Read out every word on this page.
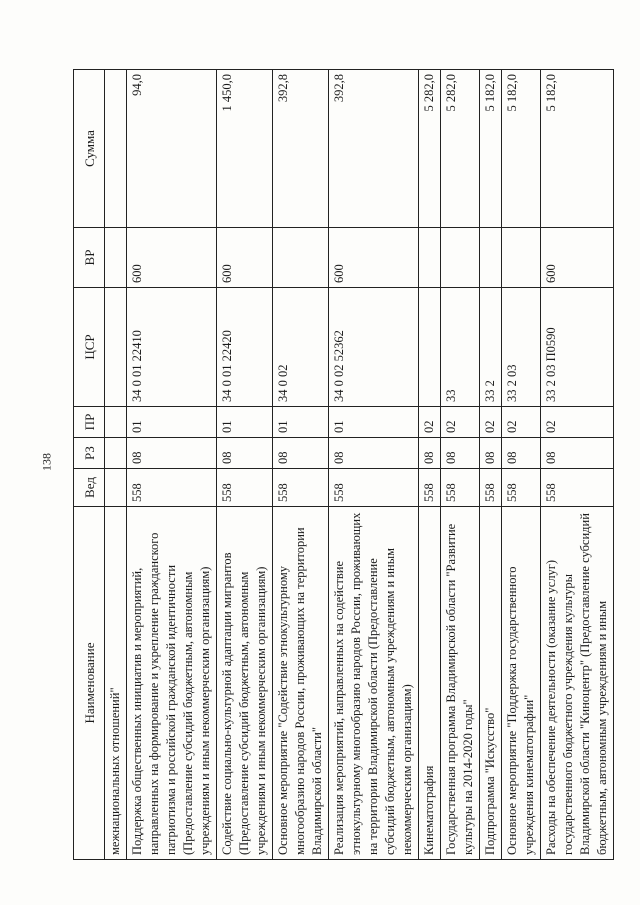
138
Наименование	Вед	РЗ	ПР	ЦСР	ВР	Сумма
межнациональных отношений"						
Поддержка общественных инициатив и мероприятий, направленных на формирование и укрепление гражданского патриотизма и российской гражданской идентичности (Предоставление субсидий бюджетным, автономным учреждениям и иным некоммерческим организациям)	558	08	01	34 0 01 22410	600	94,0
Содействие социально-культурной адаптации мигрантов (Предоставление субсидий бюджетным, автономным учреждениям и иным некоммерческим организациям)	558	08	01	34 0 01 22420	600	1 450,0
Основное мероприятие "Содействие этнокультурному многообразию народов России, проживающих на территории Владимирской области"	558	08	01	34 0 02		392,8
Реализация мероприятий, направленных на содействие этнокультурному многообразию народов России, проживающих на территории Владимирской области (Предоставление субсидий бюджетным, автономным учреждениям и иным некоммерческим организациям)	558	08	01	34 0 02 52362	600	392,8
Кинематография	558	08	02			5 282,0
Государственная программа Владимирской области "Развитие культуры на 2014-2020 годы"	558	08	02	33		5 282,0
Подпрограмма "Искусство"	558	08	02	33 2		5 182,0
Основное мероприятие "Поддержка государственного учреждения кинематографии"	558	08	02	33 2 03		5 182,0
Расходы на обеспечение деятельности (оказание услуг) государственного бюджетного учреждения культуры Владимирской области "Киноцентр" (Предоставление субсидий бюджетным, автономным учреждениям и иным	558	08	02	33 2 03 П0590	600	5 182,0
